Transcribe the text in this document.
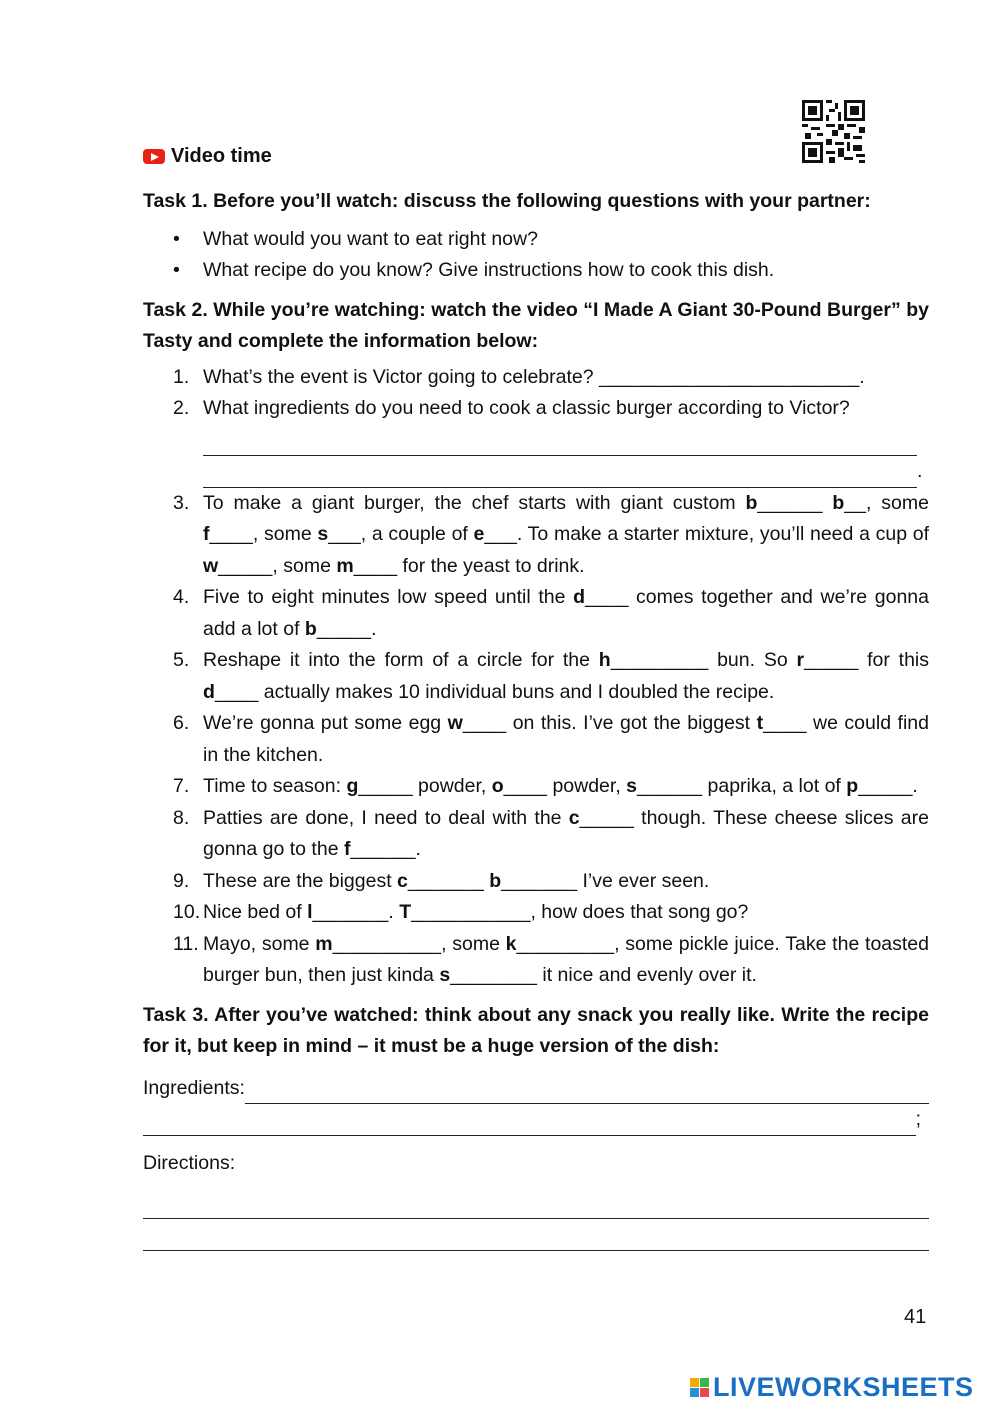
Video time

Task 1. Before you’ll watch: discuss the following questions with your partner:

• What would you want to eat right now?
• What recipe do you know? Give instructions how to cook this dish.

Task 2. While you’re watching: watch the video “I Made A Giant 30-Pound Burger” by Tasty and complete the information below:

1. What’s the event is Victor going to celebrate? ________________________.
2. What ingredients do you need to cook a classic burger according to Victor?
.
3. To make a giant burger, the chef starts with giant custom b______ b__, some f____, some s___, a couple of e___. To make a starter mixture, you’ll need a cup of w_____, some m____ for the yeast to drink.
4. Five to eight minutes low speed until the d____ comes together and we’re gonna add a lot of b_____.
5. Reshape it into the form of a circle for the h_________ bun. So r_____ for this d____ actually makes 10 individual buns and I doubled the recipe.
6. We’re gonna put some egg w____ on this. I’ve got the biggest t____ we could find in the kitchen.
7. Time to season: g_____ powder, o____ powder, s______ paprika, a lot of p_____.
8. Patties are done, I need to deal with the c_____ though. These cheese slices are gonna go to the f______.
9. These are the biggest c_______ b_______ I’ve ever seen.
10. Nice bed of l_______. T___________, how does that song go?
11. Mayo, some m__________, some k_________, some pickle juice. Take the toasted burger bun, then just kinda s________ it nice and evenly over it.

Task 3. After you’ve watched: think about any snack you really like. Write the recipe for it, but keep in mind – it must be a huge version of the dish:

Ingredients:
;
Directions:
41
LIVEWORKSHEETS
